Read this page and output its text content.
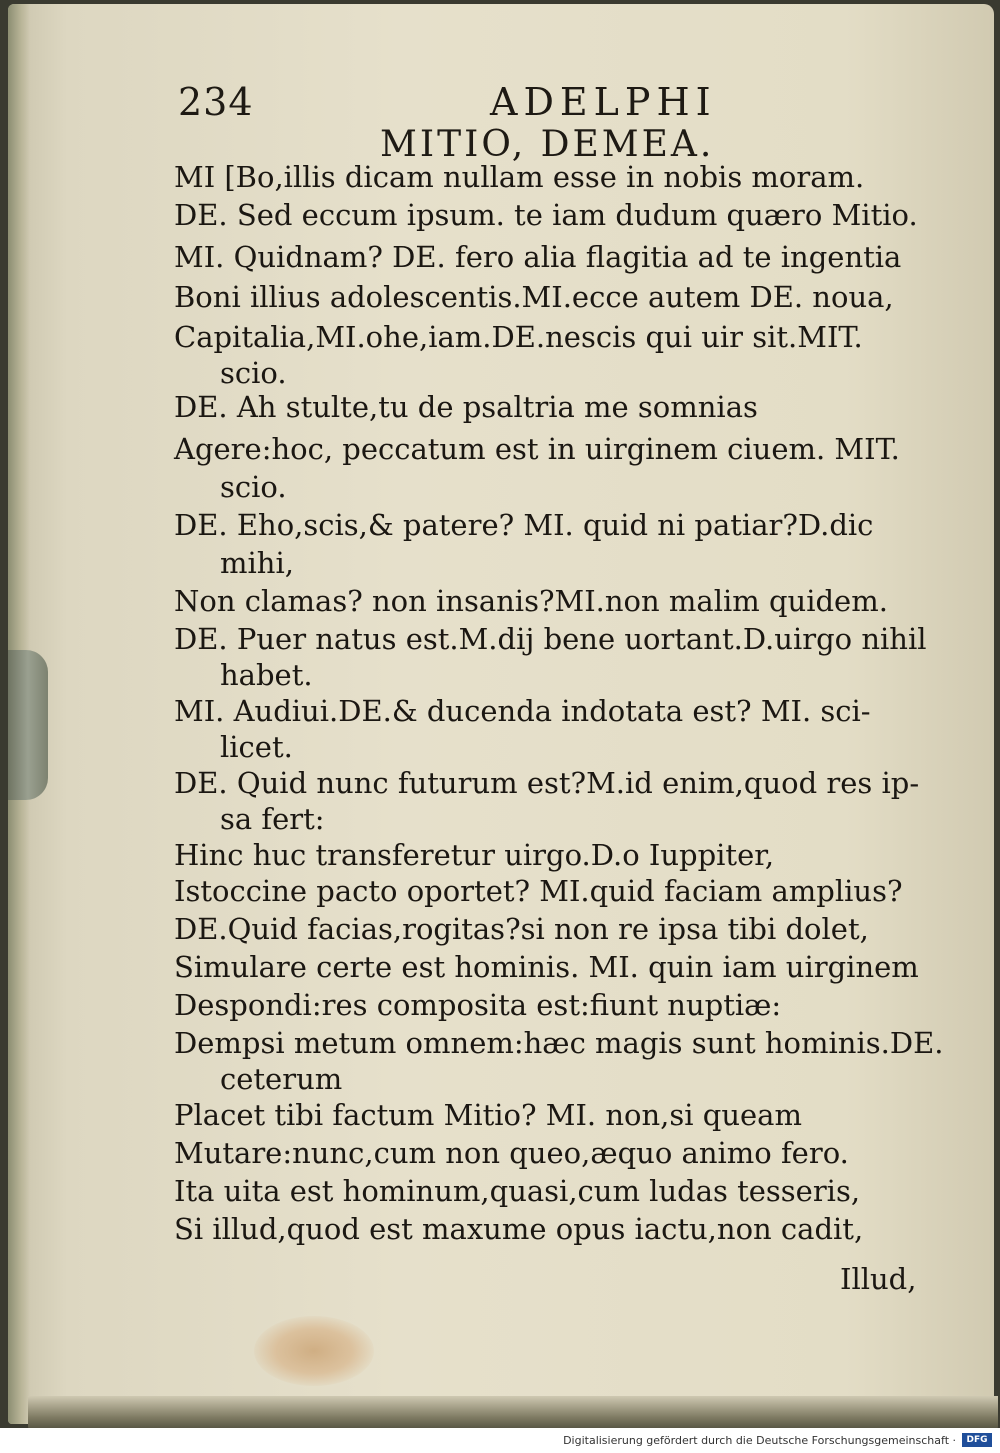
234	ADELPHI
MITIO, DEMEA.
MI [Bo,illis dicam nullam esse in nobis moram.
DE. Sed eccum ipsum. te iam dudum quæro Mitio.
MI. Quidnam? DE. fero alia flagitia ad te ingentia
Boni illius adolescentis.MI.ecce autem DE. noua,
Capitalia,MI.ohe,iam.DE.nescis qui uir sit.MIT.
scio.
DE. Ah stulte,tu de psaltria me somnias
Agere:hoc, peccatum est in uirginem ciuem. MIT.
scio.
DE. Eho,scis,& patere? MI. quid ni patiar?D.dic
mihi,
Non clamas? non insanis?MI.non malim quidem.
DE. Puer natus est.M.dij bene uortant.D.uirgo nihil
habet.
MI. Audiui.DE.& ducenda indotata est? MI. sci-
licet.
DE. Quid nunc futurum est?M.id enim,quod res ip-
sa fert:
Hinc huc transferetur uirgo.D.o Iuppiter,
Istoccine pacto oportet? MI.quid faciam amplius?
DE.Quid facias,rogitas?si non re ipsa tibi dolet,
Simulare certe est hominis. MI. quin iam uirginem
Despondi:res composita est:fiunt nuptiæ:
Dempsi metum omnem:hæc magis sunt hominis.DE.
ceterum
Placet tibi factum Mitio? MI. non,si queam
Mutare:nunc,cum non queo,æquo animo fero.
Ita uita est hominum,quasi,cum ludas tesseris,
Si illud,quod est maxume opus iactu,non cadit,
Illud,
Digitalisierung gefördert durch die Deutsche Forschungsgemeinschaft ·	DFG
